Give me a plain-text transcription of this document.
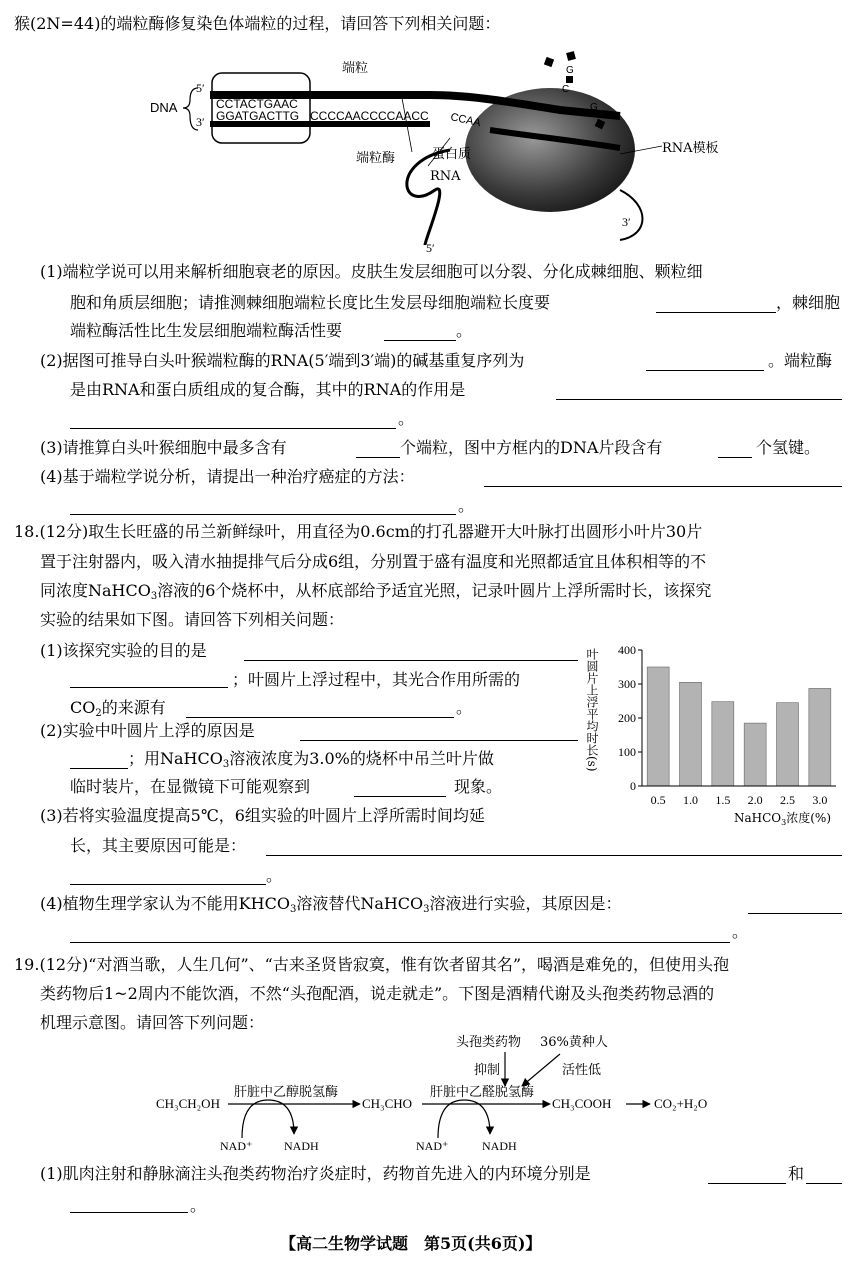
猴(2N=44)的端粒酶修复染色体端粒的过程，请回答下列相关问题：
DNA
5′
3′
CCTACTGAAC
GGATGACTTG CCCCAACCCCAACC CCAA
端粒	G
C
G
端粒酶	蛋白质
RNA
RNA模板
3′
5′
(1)端粒学说可以用来解析细胞衰老的原因。皮肤生发层细胞可以分裂、分化成棘细胞、颗粒细
胞和角质层细胞；请推测棘细胞端粒长度比生发层母细胞端粒长度要	，棘细胞
端粒酶活性比生发层细胞端粒酶活性要	。
(2)据图可推导白头叶猴端粒酶的RNA(5′端到3′端)的碱基重复序列为	。端粒酶
是由RNA和蛋白质组成的复合酶，其中的RNA的作用是
。
(3)请推算白头叶猴细胞中最多含有	个端粒，图中方框内的DNA片段含有	个氢键。
(4)基于端粒学说分析，请提出一种治疗癌症的方法：
。
18.(12分)取生长旺盛的吊兰新鲜绿叶，用直径为0.6cm的打孔器避开大叶脉打出圆形小叶片30片
置于注射器内，吸入清水抽提排气后分成6组，分别置于盛有温度和光照都适宜且体积相等的不
同浓度NaHCO$_3$溶液的6个烧杯中，从杯底部给予适宜光照，记录叶圆片上浮所需时长，该探究
实验的结果如下图。请回答下列相关问题：
(1)该探究实验的目的是
；叶圆片上浮过程中，其光合作用所需的
$CO_2$的来源有	。
(2)实验中叶圆片上浮的原因是
；用NaHCO$_3$溶液浓度为3.0%的烧杯中吊兰叶片做
临时装片，在显微镜下可能观察到	现象。
(3)若将实验温度提高5℃，6组实验的叶圆片上浮所需时间均延
长，其主要原因可能是：
。
(4)植物生理学家认为不能用$KHCO_3$溶液替代NaHCO$_3$溶液进行实验，其原因是：
。
叶圆片上浮平均时长(s)
0
100
200
300
400
0.5 1.0 1.5 2.0 2.5 3.0
NaHCO$_3$浓度(%)
19.(12分)“对酒当歌，人生几何”、“古来圣贤皆寂寞，惟有饮者留其名”，喝酒是难免的，但使用头孢
类药物后1~2周内不能饮酒，不然“头孢配酒，说走就走”。下图是酒精代谢及头孢类药物忌酒的
机理示意图。请回答下列问题：
CH₃CH₂OH
肝脏中乙醇脱氢酶
CH₃CHO
肝脏中乙醛脱氢酶
CH₃COOH	CO₂+H₂O
NAD⁺	NADH	NAD⁺	NADH
头孢类药物
抑制
36%黄种人
活性低
(1)肌肉注射和静脉滴注头孢类药物治疗炎症时，药物首先进入的内环境分别是	和
。
【高二生物学试题　第5页(共6页)】
